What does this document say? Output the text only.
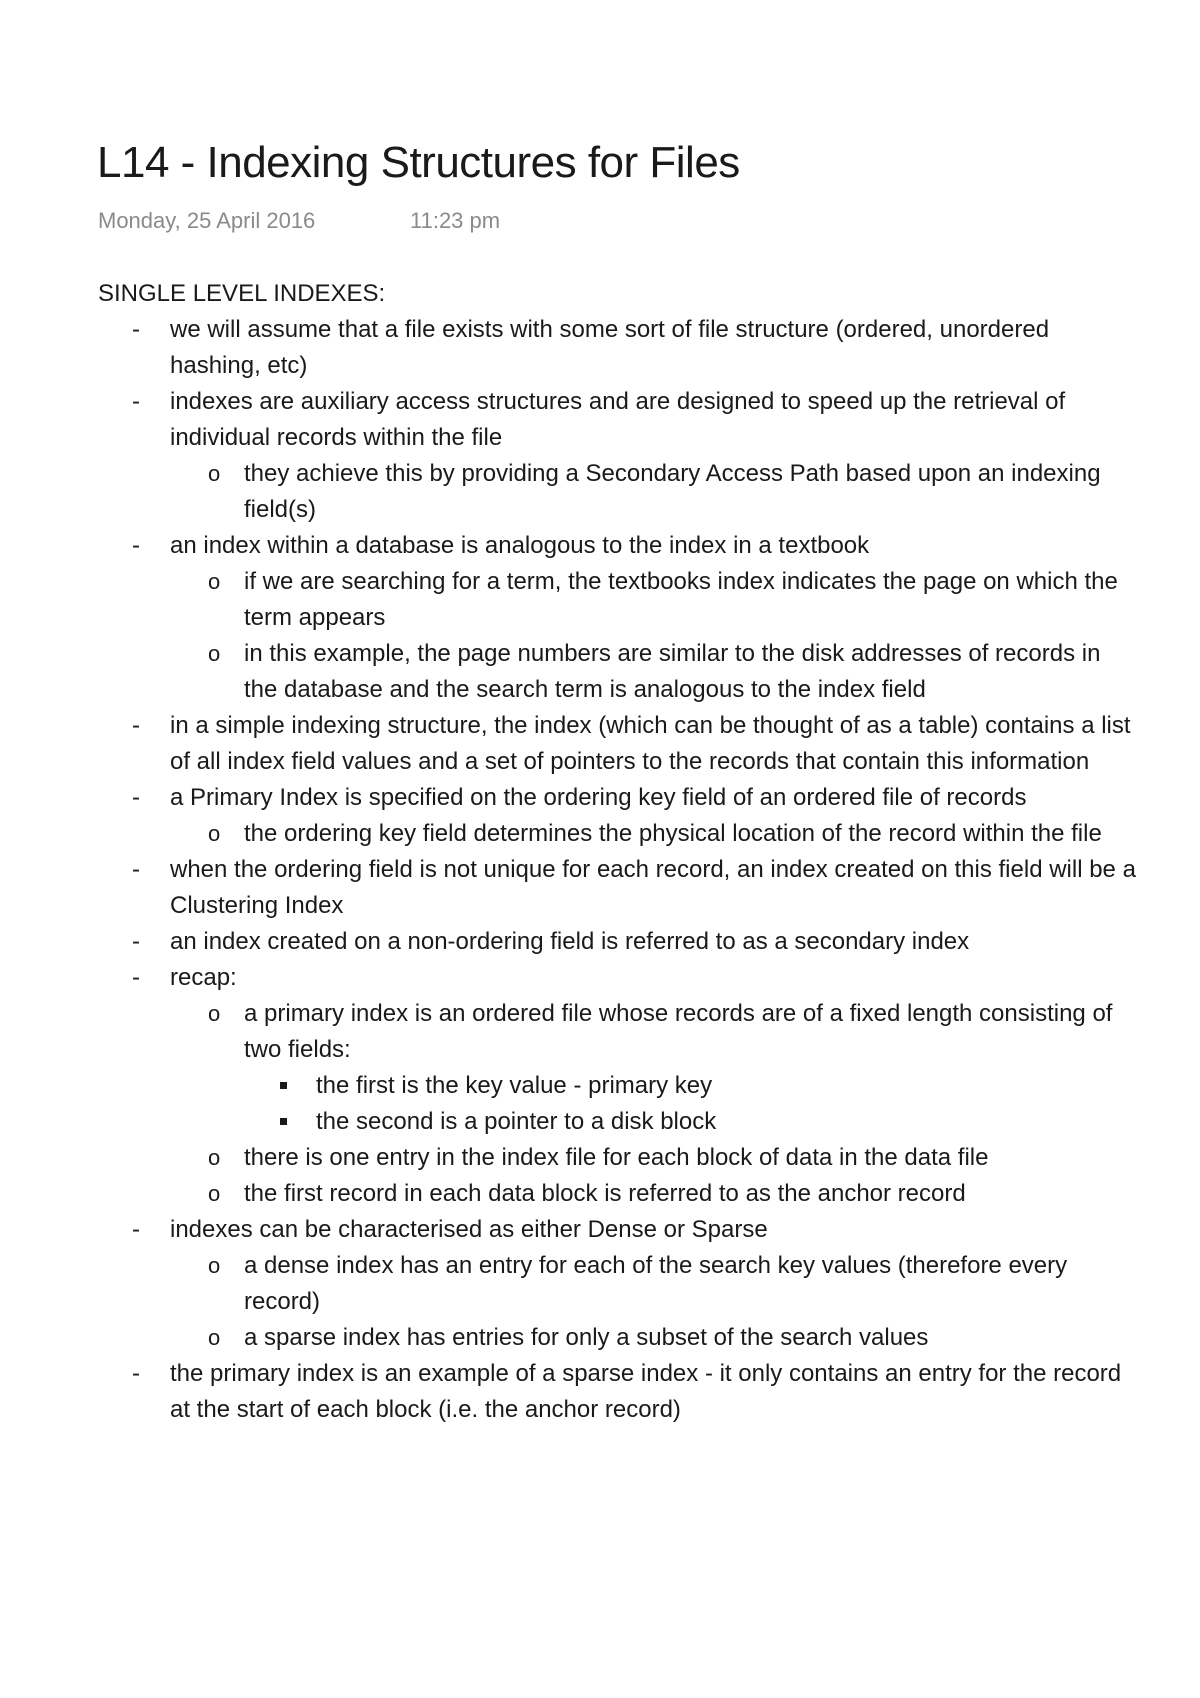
L14 - Indexing Structures for Files
Monday, 25 April 2016	11:23 pm
SINGLE LEVEL INDEXES:
- we will assume that a file exists with some sort of file structure (ordered, unordered hashing, etc)
- indexes are auxiliary access structures and are designed to speed up the retrieval of individual records within the file
o they achieve this by providing a Secondary Access Path based upon an indexing field(s)
- an index within a database is analogous to the index in a textbook
o if we are searching for a term, the textbooks index indicates the page on which the term appears
o in this example, the page numbers are similar to the disk addresses of records in the database and the search term is analogous to the index field
- in a simple indexing structure, the index (which can be thought of as a table) contains a list of all index field values and a set of pointers to the records that contain this information
- a Primary Index is specified on the ordering key field of an ordered file of records
o the ordering key field determines the physical location of the record within the file
- when the ordering field is not unique for each record, an index created on this field will be a Clustering Index
- an index created on a non-ordering field is referred to as a secondary index
- recap:
o a primary index is an ordered file whose records are of a fixed length consisting of two fields:
the first is the key value - primary key
the second is a pointer to a disk block
o there is one entry in the index file for each block of data in the data file
o the first record in each data block is referred to as the anchor record
- indexes can be characterised as either Dense or Sparse
o a dense index has an entry for each of the search key values (therefore every record)
o a sparse index has entries for only a subset of the search values
- the primary index is an example of a sparse index - it only contains an entry for the record at the start of each block (i.e. the anchor record)
